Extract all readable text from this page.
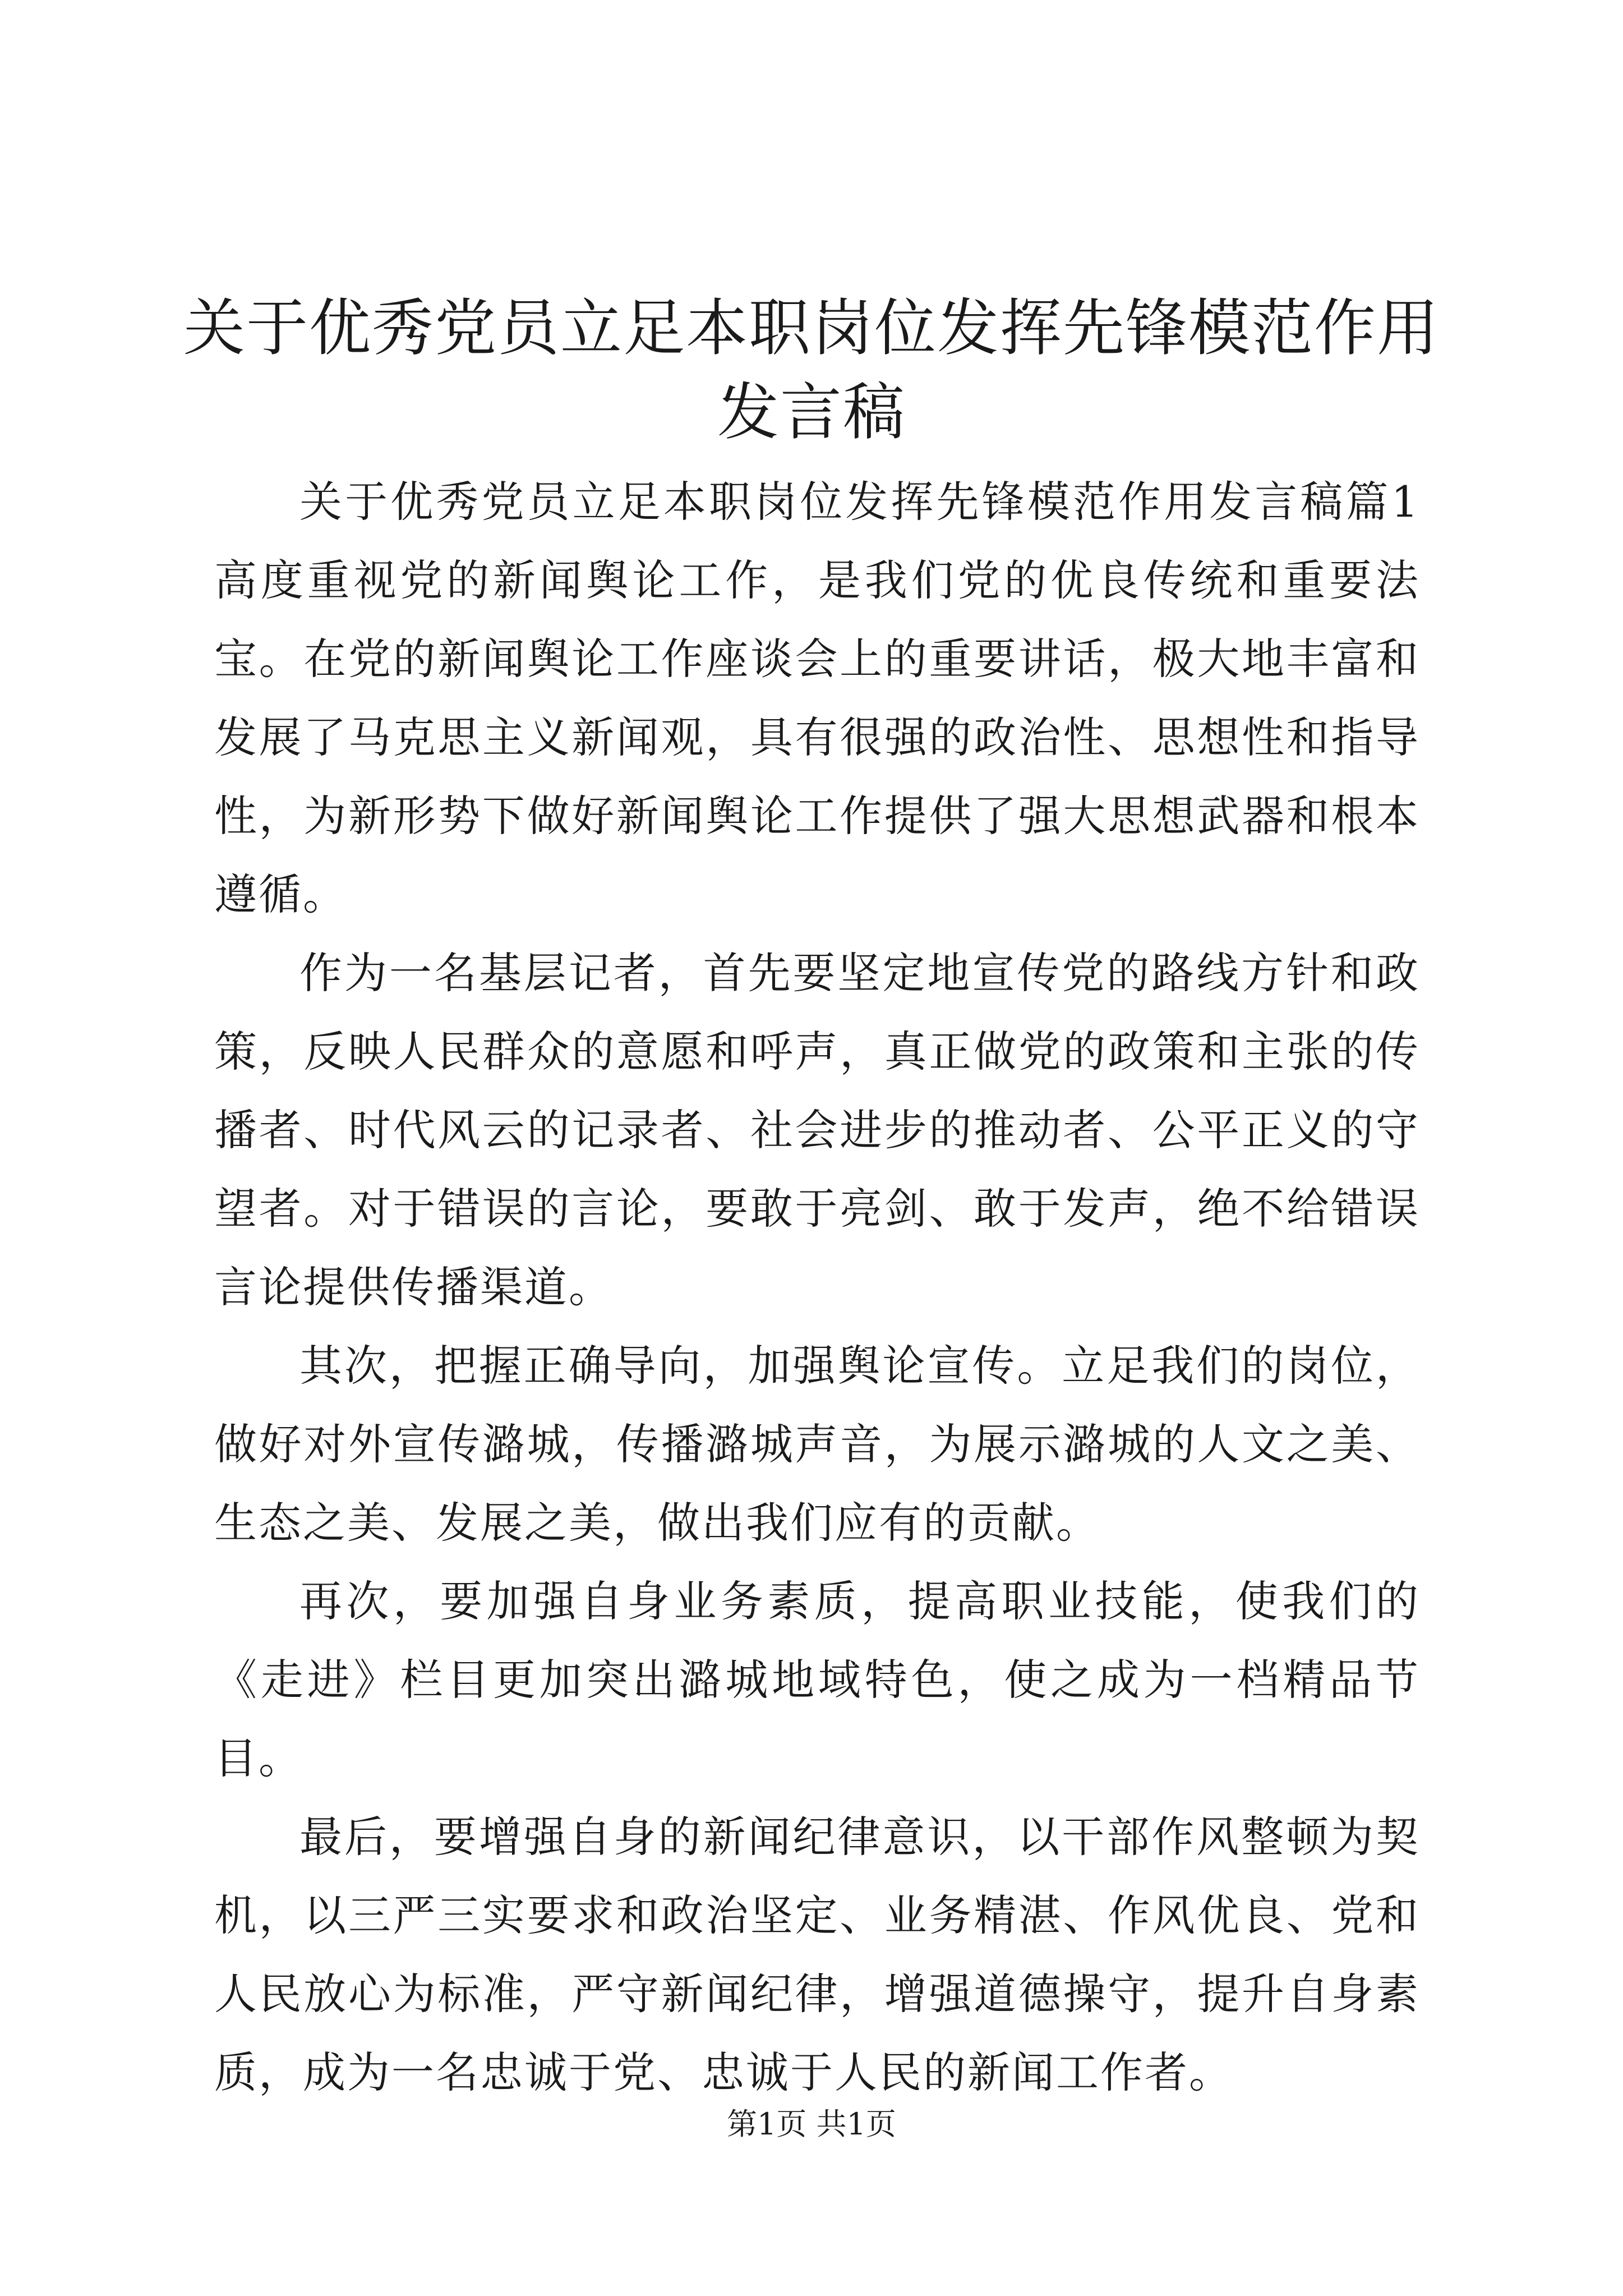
关于优秀党员立足本职岗位发挥先锋模范作用发言稿

关于优秀党员立足本职岗位发挥先锋模范作用发言稿篇1高度重视党的新闻舆论工作，是我们党的优良传统和重要法宝。在党的新闻舆论工作座谈会上的重要讲话，极大地丰富和发展了马克思主义新闻观，具有很强的政治性、思想性和指导性，为新形势下做好新闻舆论工作提供了强大思想武器和根本遵循。

作为一名基层记者，首先要坚定地宣传党的路线方针和政策，反映人民群众的意愿和呼声，真正做党的政策和主张的传播者、时代风云的记录者、社会进步的推动者、公平正义的守望者。对于错误的言论，要敢于亮剑、敢于发声，绝不给错误言论提供传播渠道。

其次，把握正确导向，加强舆论宣传。立足我们的岗位，做好对外宣传潞城，传播潞城声音，为展示潞城的人文之美、生态之美、发展之美，做出我们应有的贡献。

再次，要加强自身业务素质，提高职业技能，使我们的《走进》栏目更加突出潞城地域特色，使之成为一档精品节目。

最后，要增强自身的新闻纪律意识，以干部作风整顿为契机，以三严三实要求和政治坚定、业务精湛、作风优良、党和人民放心为标准，严守新闻纪律，增强道德操守，提升自身素质，成为一名忠诚于党、忠诚于人民的新闻工作者。

第1页 共1页
